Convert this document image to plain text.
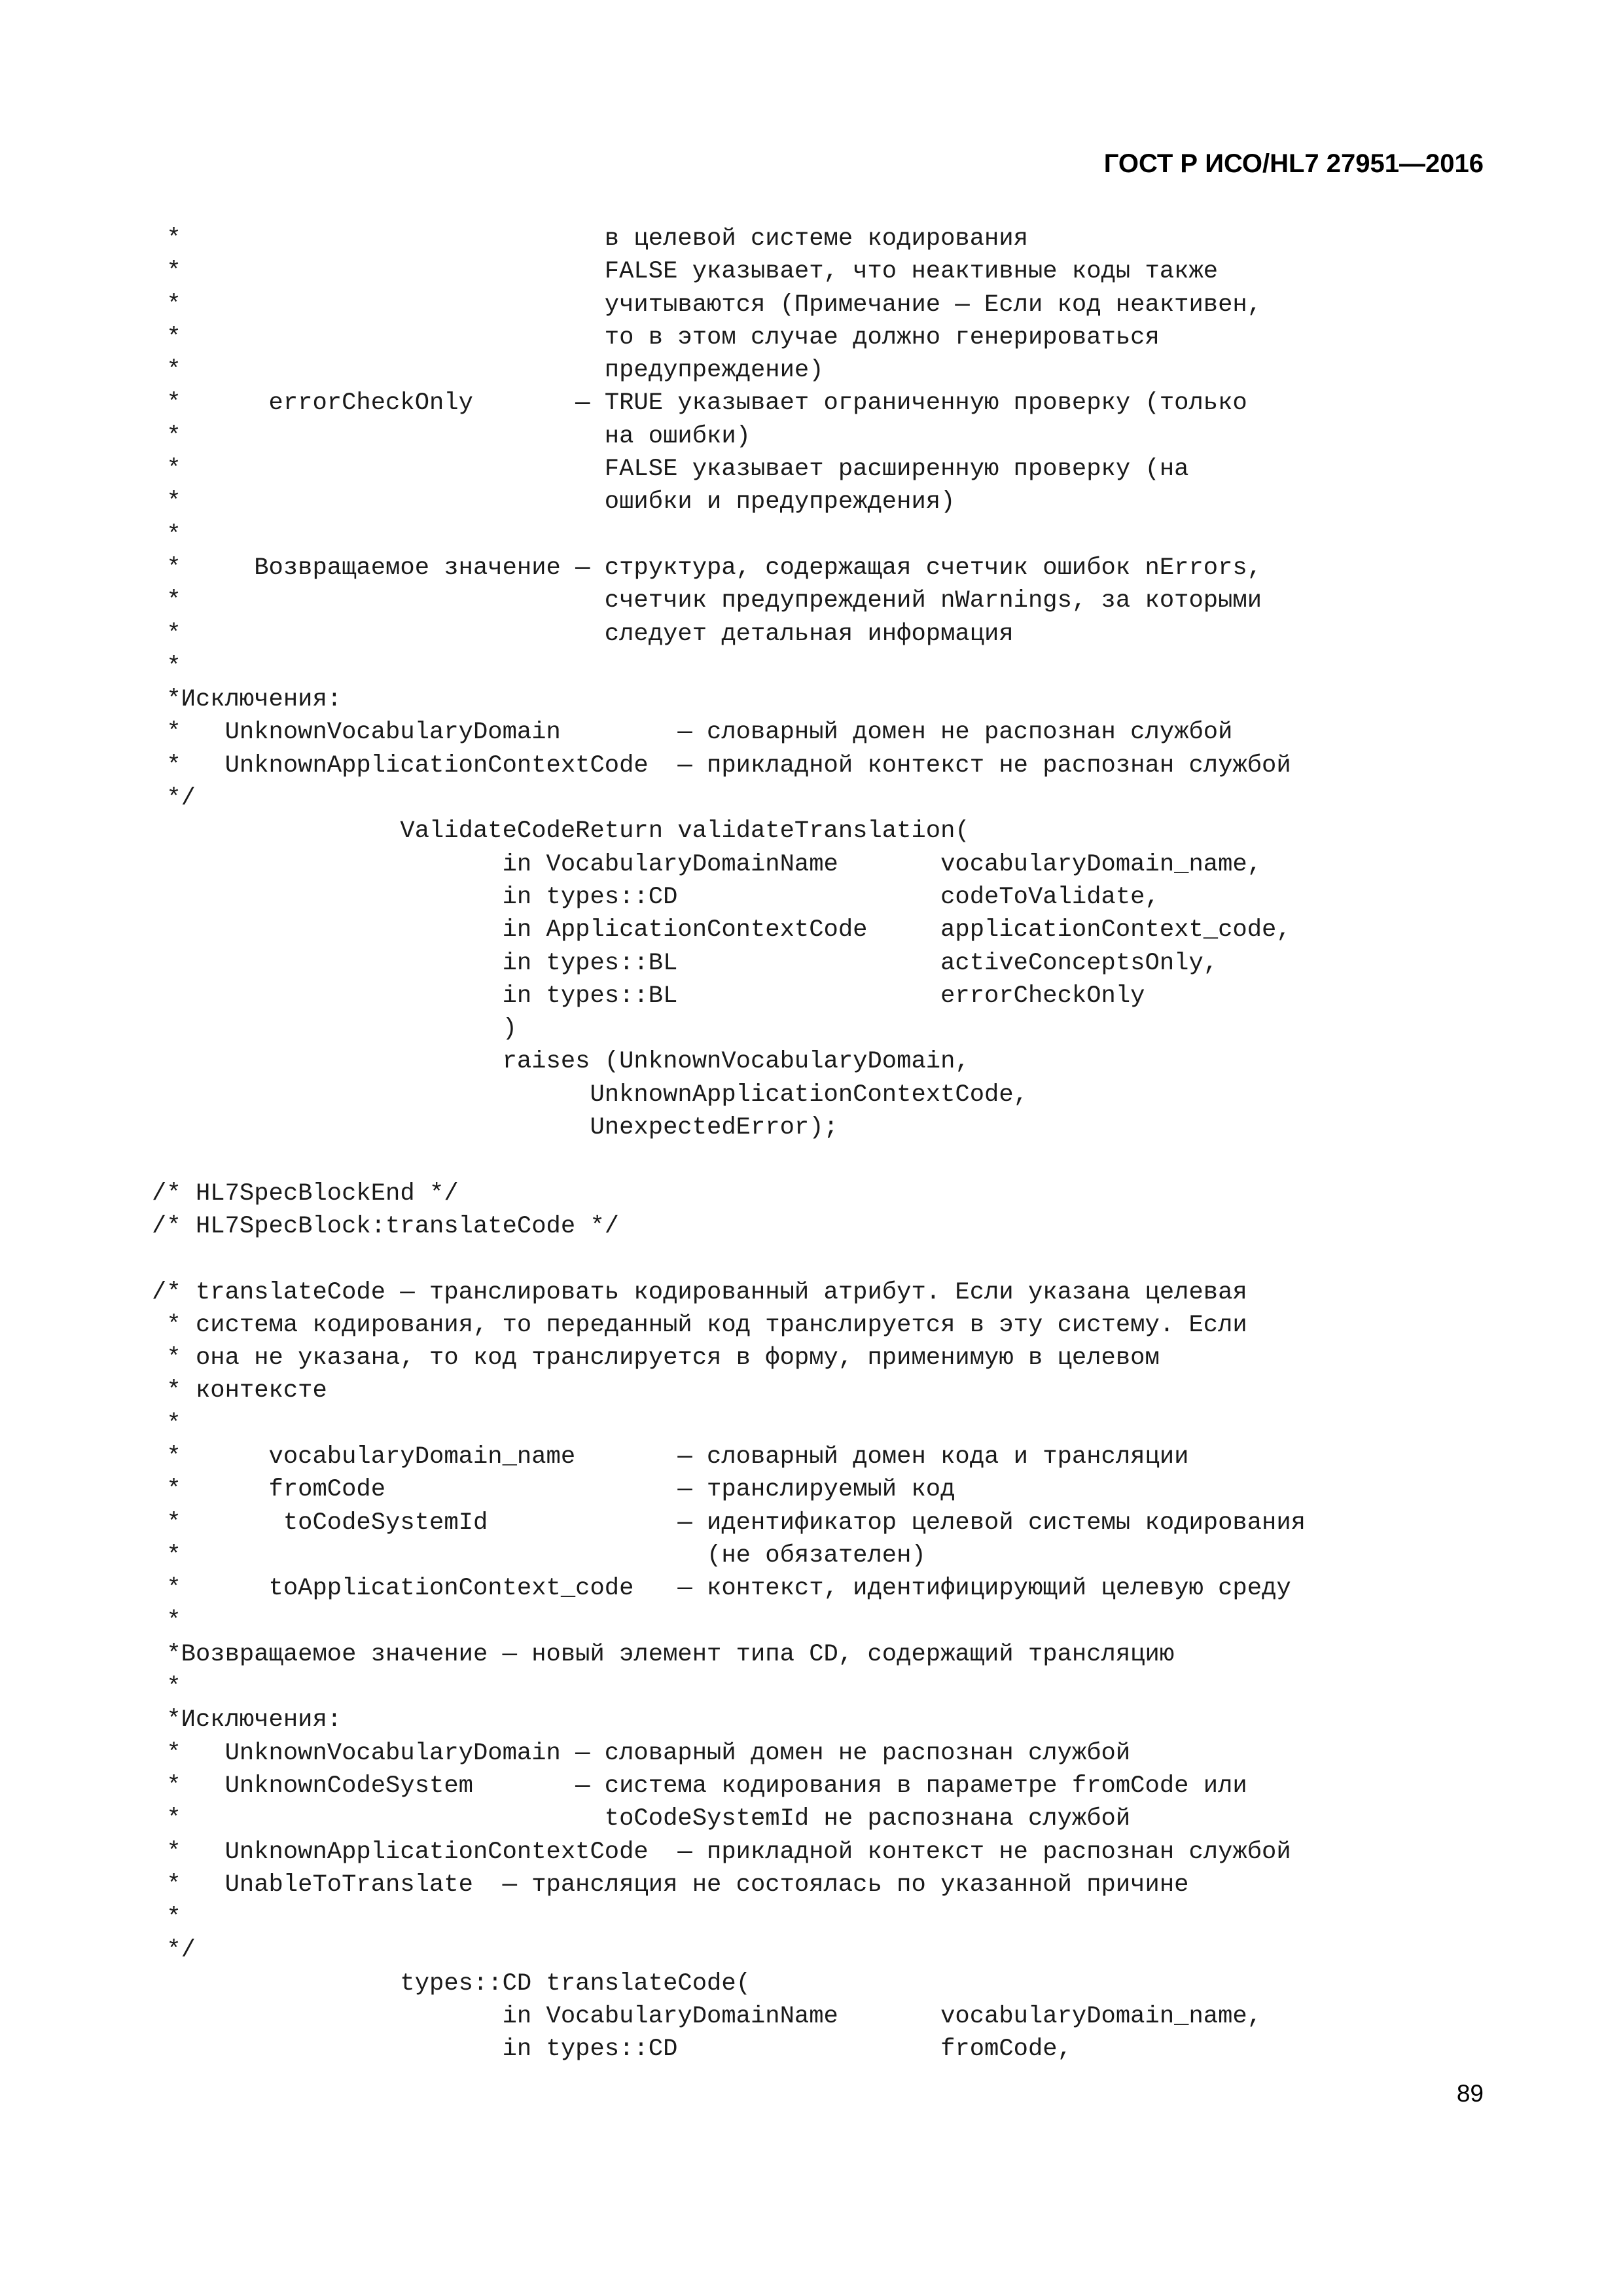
ГОСТ Р ИСО/HL7 27951—2016

*                             в целевой системе кодирования
*                             FALSE указывает, что неактивные коды также
*                             учитываются (Примечание — Если код неактивен,
*                             то в этом случае должно генерироваться
*                             предупреждение)
*      errorCheckOnly       — TRUE указывает ограниченную проверку (только
*                             на ошибки)
*                             FALSE указывает расширенную проверку (на
*                             ошибки и предупреждения)
*
*     Возвращаемое значение — структура, содержащая счетчик ошибок nErrors,
*                             счетчик предупреждений nWarnings, за которыми
*                             следует детальная информация
*
*Исключения:
*   UnknownVocabularyDomain        — словарный домен не распознан службой
*   UnknownApplicationContextCode  — прикладной контекст не распознан службой
*/
ValidateCodeReturn validateTranslation(
in VocabularyDomainName       vocabularyDomain_name,
in types::CD                  codeToValidate,
in ApplicationContextCode     applicationContext_code,
in types::BL                  activeConceptsOnly,
in types::BL                  errorCheckOnly
)
raises (UnknownVocabularyDomain,
UnknownApplicationContextCode,
UnexpectedError);
/* HL7SpecBlockEnd */
/* HL7SpecBlock:translateCode */
/* translateCode — транслировать кодированный атрибут. Если указана целевая
* система кодирования, то переданный код транслируется в эту систему. Если
* она не указана, то код транслируется в форму, применимую в целевом
* контексте
*
*      vocabularyDomain_name       — словарный домен кода и трансляции
*      fromCode                    — транслируемый код
*       toCodeSystemId             — идентификатор целевой системы кодирования
*                                    (не обязателен)
*      toApplicationContext_code   — контекст, идентифицирующий целевую среду
*
*Возвращаемое значение — новый элемент типа CD, содержащий трансляцию
*
*Исключения:
*   UnknownVocabularyDomain — словарный домен не распознан службой
*   UnknownCodeSystem       — система кодирования в параметре fromCode или
*                             toCodeSystemId не распознана службой
*   UnknownApplicationContextCode  — прикладной контекст не распознан службой
*   UnableToTranslate  — трансляция не состоялась по указанной причине
*
*/
types::CD translateCode(
in VocabularyDomainName       vocabularyDomain_name,
in types::CD                  fromCode,

89
